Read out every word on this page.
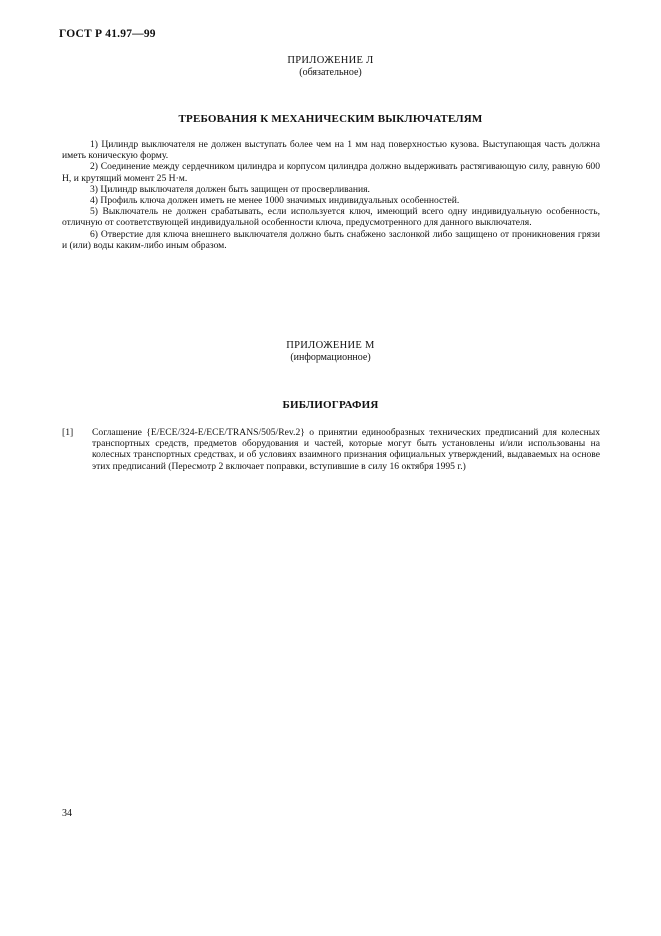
ГОСТ Р 41.97—99
ПРИЛОЖЕНИЕ Л
(обязательное)
ТРЕБОВАНИЯ К МЕХАНИЧЕСКИМ ВЫКЛЮЧАТЕЛЯМ

1) Цилиндр выключателя не должен выступать более чем на 1 мм над поверхностью кузова. Выступающая часть должна иметь коническую форму.

2) Соединение между сердечником цилиндра и корпусом цилиндра должно выдерживать растягивающую силу, равную 600 Н, и крутящий момент 25 Н·м.

3) Цилиндр выключателя должен быть защищен от просверливания.

4) Профиль ключа должен иметь не менее 1000 значимых индивидуальных особенностей.

5) Выключатель не должен срабатывать, если используется ключ, имеющий всего одну индивидуальную особенность, отличную от соответствующей индивидуальной особенности ключа, предусмотренного для данного выключателя.

6) Отверстие для ключа внешнего выключателя должно быть снабжено заслонкой либо защищено от проникновения грязи и (или) воды каким-либо иным образом.

ПРИЛОЖЕНИЕ М
(информационное)
БИБЛИОГРАФИЯ
[1] Соглашение {E/ECE/324-E/ECE/TRANS/505/Rev.2} о принятии единообразных технических предписаний для колесных транспортных средств, предметов оборудования и частей, которые могут быть установлены и/или использованы на колесных транспортных средствах, и об условиях взаимного признания официальных утверждений, выдаваемых на основе этих предписаний (Пересмотр 2 включает поправки, вступившие в силу 16 октября 1995 г.)
34
